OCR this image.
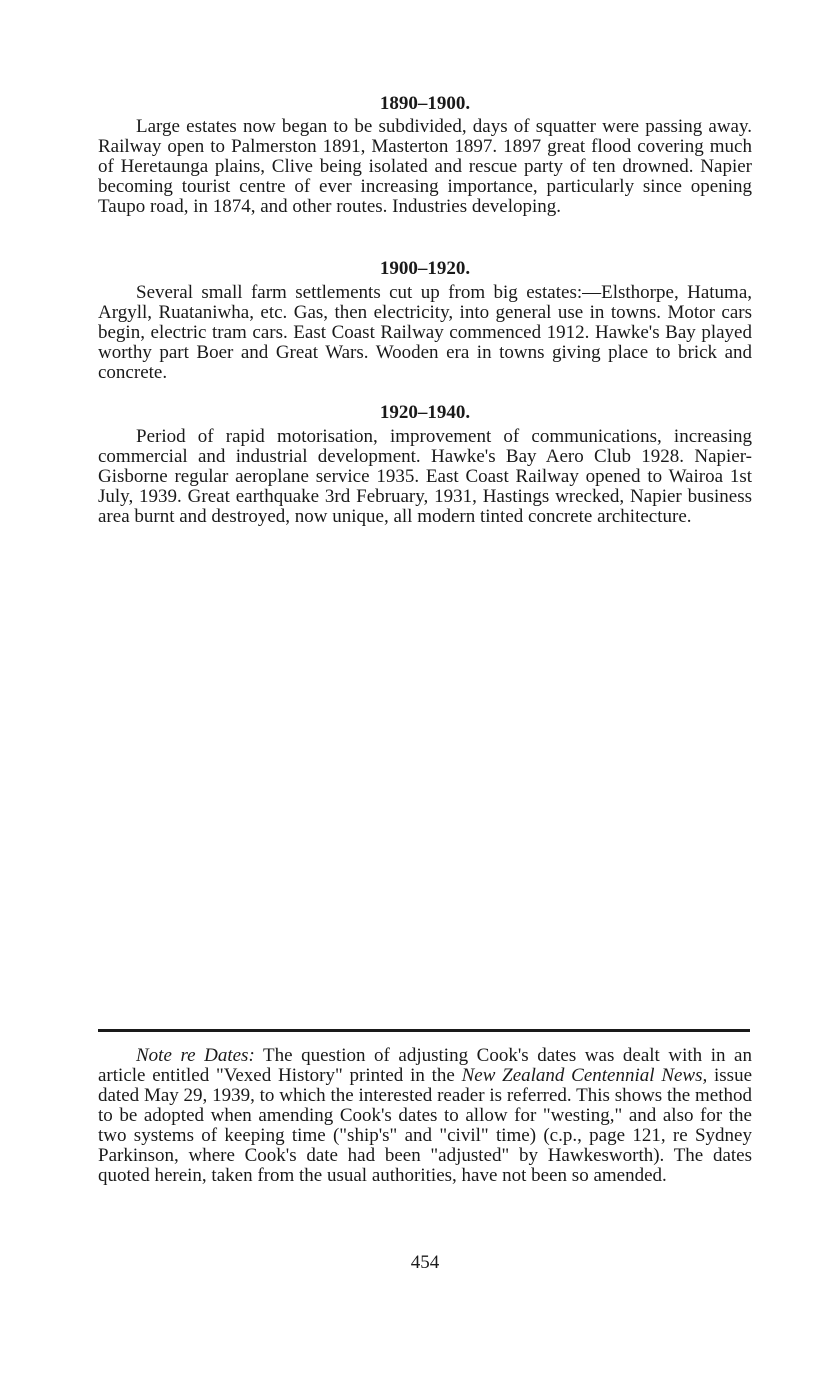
1890–1900.

Large estates now began to be subdivided, days of squatter were passing away. Railway open to Palmerston 1891, Masterton 1897. 1897 great flood covering much of Heretaunga plains, Clive being isolated and rescue party of ten drowned. Napier becoming tourist centre of ever increasing importance, particularly since opening Taupo road, in 1874, and other routes. Industries developing.

1900–1920.

Several small farm settlements cut up from big estates:—Elsthorpe, Hatuma, Argyll, Ruataniwha, etc. Gas, then electricity, into general use in towns. Motor cars begin, electric tram cars. East Coast Railway commenced 1912. Hawke's Bay played worthy part Boer and Great Wars. Wooden era in towns giving place to brick and concrete.

1920–1940.

Period of rapid motorisation, improvement of communications, increasing commercial and industrial development. Hawke's Bay Aero Club 1928. Napier-Gisborne regular aeroplane service 1935. East Coast Railway opened to Wairoa 1st July, 1939. Great earthquake 3rd February, 1931, Hastings wrecked, Napier business area burnt and destroyed, now unique, all modern tinted concrete architecture.

Note re Dates: The question of adjusting Cook's dates was dealt with in an article entitled "Vexed History" printed in the New Zealand Centennial News, issue dated May 29, 1939, to which the interested reader is referred. This shows the method to be adopted when amending Cook's dates to allow for "westing," and also for the two systems of keeping time ("ship's" and "civil" time) (c.p., page 121, re Sydney Parkinson, where Cook's date had been "adjusted" by Hawkesworth). The dates quoted herein, taken from the usual authorities, have not been so amended.

454
